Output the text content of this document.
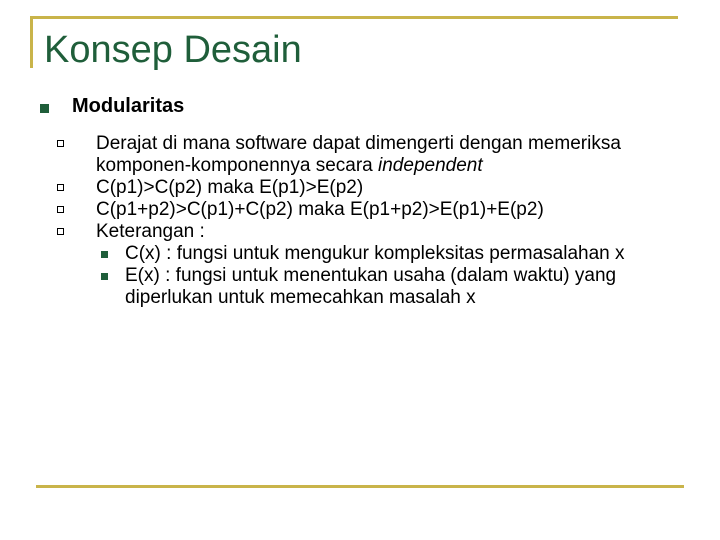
Konsep Desain
Modularitas
Derajat di mana software dapat dimengerti dengan memeriksa komponen-komponennya secara independent
C(p1)>C(p2) maka E(p1)>E(p2)
C(p1+p2)>C(p1)+C(p2) maka E(p1+p2)>E(p1)+E(p2)
Keterangan :
C(x) : fungsi untuk mengukur kompleksitas permasalahan x
E(x) : fungsi untuk menentukan usaha (dalam waktu) yang diperlukan untuk memecahkan masalah x
